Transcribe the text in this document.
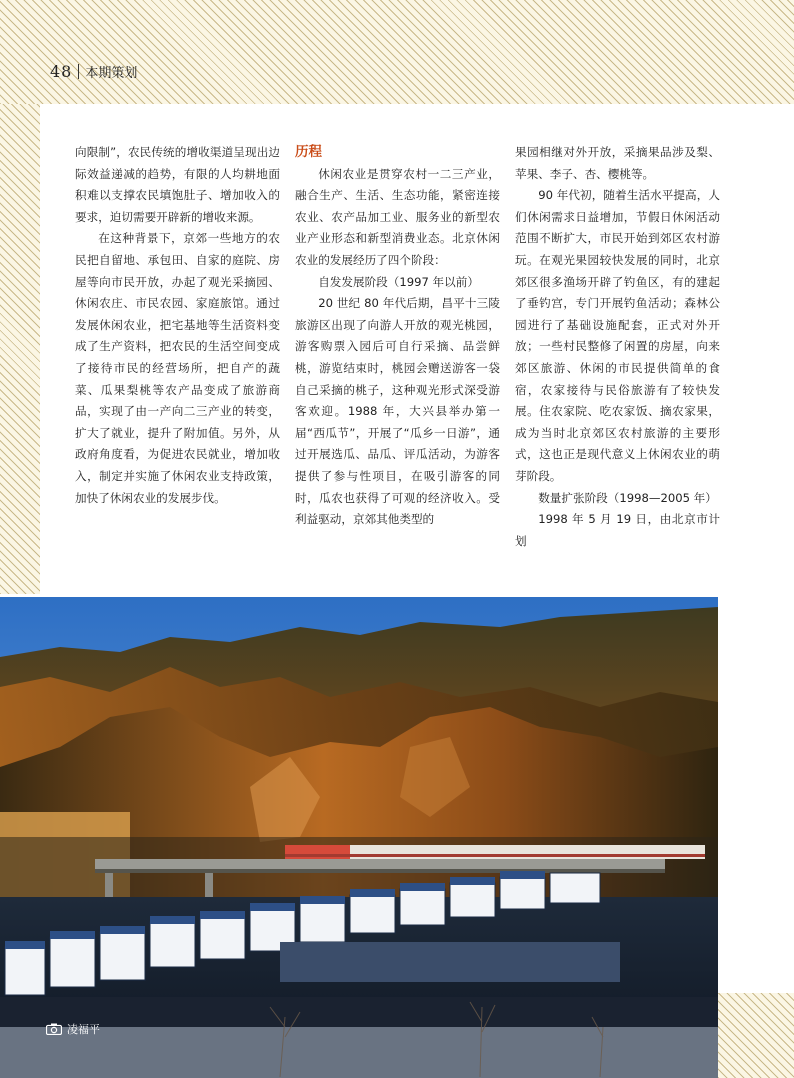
48 本期策划

向限制”，农民传统的增收渠道呈现出边际效益递减的趋势，有限的人均耕地面积难以支撑农民填饱肚子、增加收入的要求，迫切需要开辟新的增收来源。

在这种背景下，京郊一些地方的农民把自留地、承包田、自家的庭院、房屋等向市民开放，办起了观光采摘园、休闲农庄、市民农园、家庭旅馆。通过发展休闲农业，把宅基地等生活资料变成了生产资料，把农民的生活空间变成了接待市民的经营场所，把自产的蔬菜、瓜果梨桃等农产品变成了旅游商品，实现了由一产向二三产业的转变，扩大了就业，提升了附加值。另外，从政府角度看，为促进农民就业，增加收入，制定并实施了休闲农业支持政策，加快了休闲农业的发展步伐。

历程

休闲农业是贯穿农村一二三产业，融合生产、生活、生态功能，紧密连接农业、农产品加工业、服务业的新型农业产业形态和新型消费业态。北京休闲农业的发展经历了四个阶段：

自发发展阶段（1997 年以前）

20 世纪 80 年代后期，昌平十三陵旅游区出现了向游人开放的观光桃园，游客购票入园后可自行采摘、品尝鲜桃，游览结束时，桃园会赠送游客一袋自己采摘的桃子，这种观光形式深受游客欢迎。1988 年，大兴县举办第一届“西瓜节”，开展了“瓜乡一日游”，通过开展选瓜、品瓜、评瓜活动，为游客提供了参与性项目，在吸引游客的同时，瓜农也获得了可观的经济收入。受利益驱动，京郊其他类型的

果园相继对外开放，采摘果品涉及梨、苹果、李子、杏、樱桃等。

90 年代初，随着生活水平提高，人们休闲需求日益增加，节假日休闲活动范围不断扩大，市民开始到郊区农村游玩。在观光果园较快发展的同时，北京郊区很多渔场开辟了钓鱼区，有的建起了垂钓宫，专门开展钓鱼活动；森林公园进行了基础设施配套，正式对外开放；一些村民整修了闲置的房屋，向来郊区旅游、休闲的市民提供简单的食宿，农家接待与民俗旅游有了较快发展。住农家院、吃农家饭、摘农家果，成为当时北京郊区农村旅游的主要形式，这也正是现代意义上休闲农业的萌芽阶段。

数量扩张阶段（1998—2005 年）

1998 年 5 月 19 日，由北京市计划

凌福平
